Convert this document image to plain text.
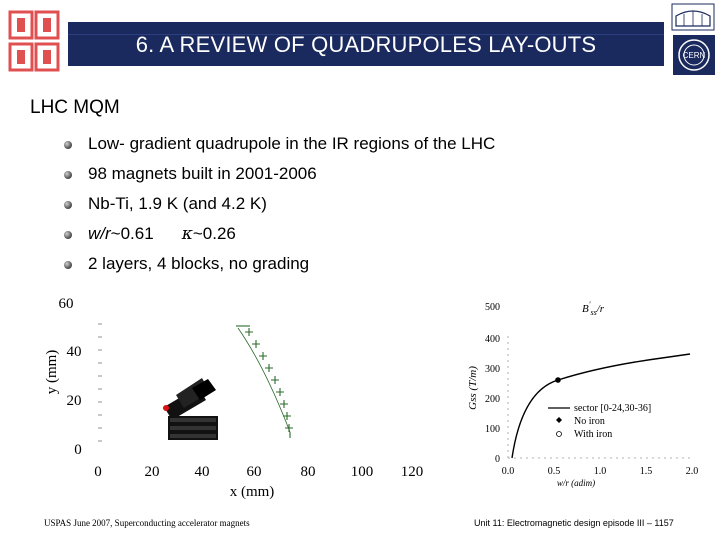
6. A REVIEW OF QUADRUPOLES LAY-OUTS	CERN
LHC MQM
Low- gradient quadrupole in the IR regions of the LHC
98 magnets built in 2001-2006
Nb-Ti, 1.9 K (and 4.2 K)
w/r~0.61 κ~0.26
2 layers, 4 blocks, no grading
60
40
20
0
y (mm)
0	20 40 60	80 100 120
x (mm)
$B'_{ss}/r$
500
400
300
200
100
0
Gss (T/m)	sector [0-24,30-36]
No iron
With iron
0.0	0.5	1.0	1.5	2.0
w/r (adim)
USPAS June 2007, Superconducting accelerator magnets	Unit 11: Electromagnetic design episode III – 1157
